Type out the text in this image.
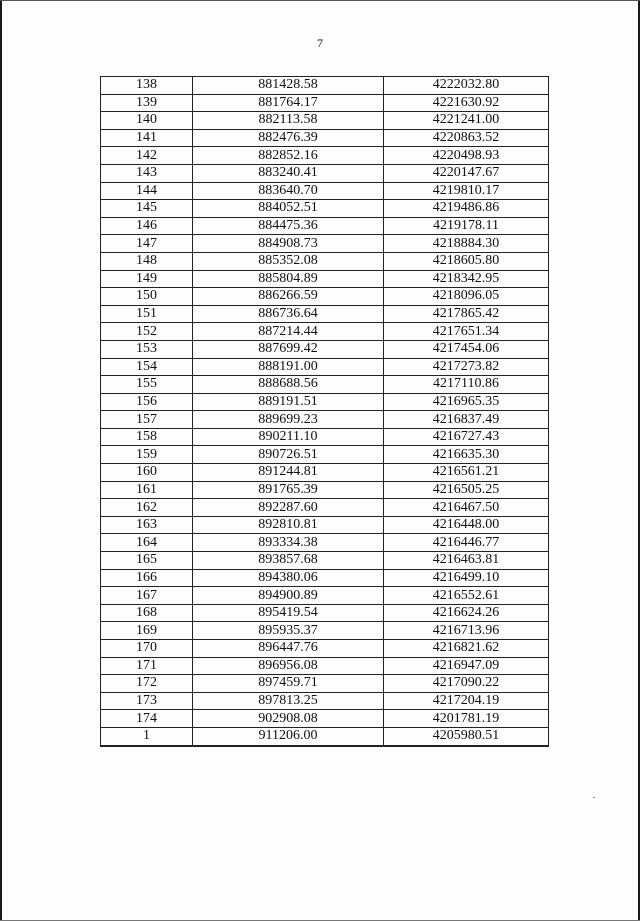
7
138	881428.58	4222032.80
139	881764.17	4221630.92
140	882113.58	4221241.00
141	882476.39	4220863.52
142	882852.16	4220498.93
143	883240.41	4220147.67
144	883640.70	4219810.17
145	884052.51	4219486.86
146	884475.36	4219178.11
147	884908.73	4218884.30
148	885352.08	4218605.80
149	885804.89	4218342.95
150	886266.59	4218096.05
151	886736.64	4217865.42
152	887214.44	4217651.34
153	887699.42	4217454.06
154	888191.00	4217273.82
155	888688.56	4217110.86
156	889191.51	4216965.35
157	889699.23	4216837.49
158	890211.10	4216727.43
159	890726.51	4216635.30
160	891244.81	4216561.21
161	891765.39	4216505.25
162	892287.60	4216467.50
163	892810.81	4216448.00
164	893334.38	4216446.77
165	893857.68	4216463.81
166	894380.06	4216499.10
167	894900.89	4216552.61
168	895419.54	4216624.26
169	895935.37	4216713.96
170	896447.76	4216821.62
171	896956.08	4216947.09
172	897459.71	4217090.22
173	897813.25	4217204.19
174	902908.08	4201781.19
1	911206.00	4205980.51
